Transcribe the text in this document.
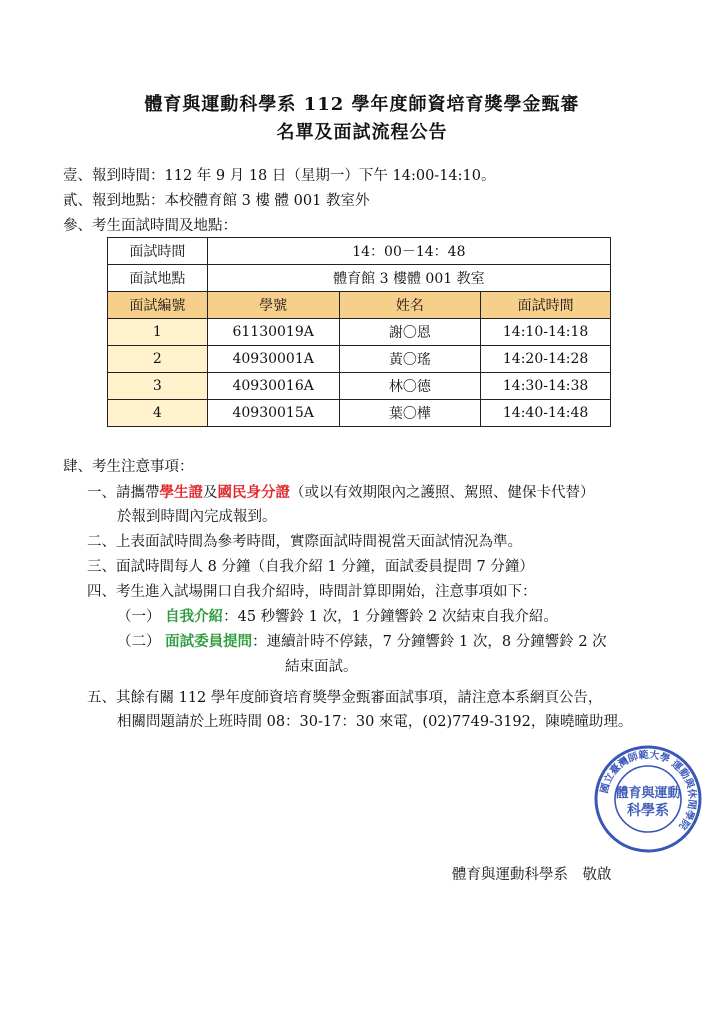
體育與運動科學系 112 學年度師資培育獎學金甄審
名單及面試流程公告
壹、報到時間：112 年 9 月 18 日（星期一）下午 14:00-14:10。
貳、報到地點：本校體育館 3 樓 體 001 教室外
參、考生面試時間及地點：
面試時間	14：00－14：48		
面試地點	體育館 3 樓體 001 教室		
面試編號	學號	姓名	面試時間
1	61130019A	謝〇恩	14:10-14:18
2	40930001A	黃〇瑤	14:20-14:28
3	40930016A	林〇德	14:30-14:38
4	40930015A	葉〇樺	14:40-14:48
肆、考生注意事項：
一、請攜帶學生證及國民身分證（或以有效期限內之護照、駕照、健保卡代替）
於報到時間內完成報到。
二、上表面試時間為參考時間，實際面試時間視當天面試情況為準。
三、面試時間每人 8 分鐘（自我介紹 1 分鐘，面試委員提問 7 分鐘）
四、考生進入試場開口自我介紹時，時間計算即開始，注意事項如下：
（一） 自我介紹：45 秒響鈴 1 次，1 分鐘響鈴 2 次結束自我介紹。
（二） 面試委員提問：連續計時不停錶，7 分鐘響鈴 1 次，8 分鐘響鈴 2 次
結束面試。
五、其餘有關 112 學年度師資培育獎學金甄審面試事項，請注意本系網頁公告，
相關問題請於上班時間 08：30-17：30 來電，(02)7749-3192，陳曉曈助理。
國立臺灣師範大學 運動與休閒學院
體育與運動
科學系
體育與運動科學系　敬啟
